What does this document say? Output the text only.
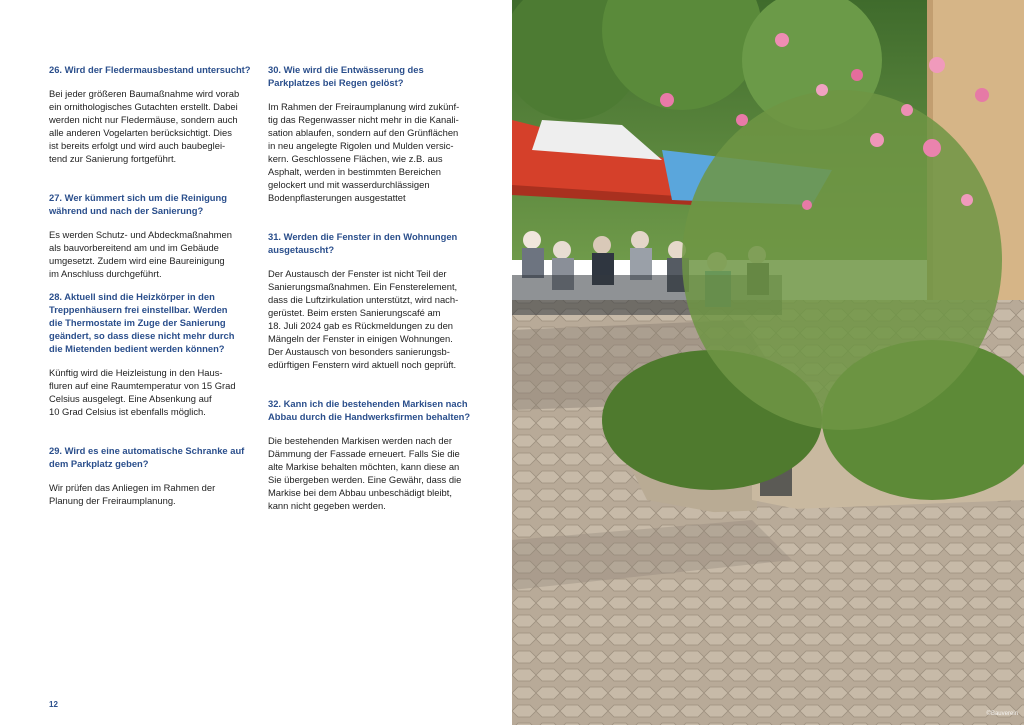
26. Wird der Fledermausbestand untersucht?

Bei jeder größeren Baumaßnahme wird vorab
ein ornithologisches Gutachten erstellt. Dabei
werden nicht nur Fledermäuse, sondern auch
alle anderen Vogelarten berücksichtigt. Dies
ist bereits erfolgt und wird auch baubeglei-
tend zur Sanierung fortgeführt.

27. Wer kümmert sich um die Reinigung
während und nach der Sanierung?

Es werden Schutz- und Abdeckmaßnahmen
als bauvorbereitend am und im Gebäude
umgesetzt. Zudem wird eine Baureinigung
im Anschluss durchgeführt.

28. Aktuell sind die Heizkörper in den
Treppenhäusern frei einstellbar. Werden
die Thermostate im Zuge der Sanierung
geändert, so dass diese nicht mehr durch
die Mietenden bedient werden können?

Künftig wird die Heizleistung in den Haus-
fluren auf eine Raumtemperatur von 15 Grad
Celsius ausgelegt. Eine Absenkung auf
10 Grad Celsius ist ebenfalls möglich.

29. Wird es eine automatische Schranke auf
dem Parkplatz geben?

Wir prüfen das Anliegen im Rahmen der
Planung der Freiraumplanung.

30. Wie wird die Entwässerung des
Parkplatzes bei Regen gelöst?

Im Rahmen der Freiraumplanung wird zukünf-
tig das Regenwasser nicht mehr in die Kanali-
sation ablaufen, sondern auf den Grünflächen
in neu angelegte Rigolen und Mulden versic-
kern. Geschlossene Flächen, wie z.B. aus
Asphalt, werden in bestimmten Bereichen
gelockert und mit wasserdurchlässigen
Bodenpflasterungen ausgestattet

31. Werden die Fenster in den Wohnungen
ausgetauscht?

Der Austausch der Fenster ist nicht Teil der
Sanierungsmaßnahmen. Ein Fensterelement,
dass die Luftzirkulation unterstützt, wird nach-
gerüstet. Beim ersten Sanierungscafé am
18. Juli 2024 gab es Rückmeldungen zu den
Mängeln der Fenster in einigen Wohnungen.
Der Austausch von besonders sanierungsb-
edürftigen Fenstern wird aktuell noch geprüft.

32. Kann ich die bestehenden Markisen nach
Abbau durch die Handwerksfirmen behalten?

Die bestehenden Markisen werden nach der
Dämmung der Fassade erneuert. Falls Sie die
alte Markise behalten möchten, kann diese an
Sie übergeben werden. Eine Gewähr, dass die
Markise bei dem Abbau unbeschädigt bleibt,
kann nicht gegeben werden.

12
©Bauverein
